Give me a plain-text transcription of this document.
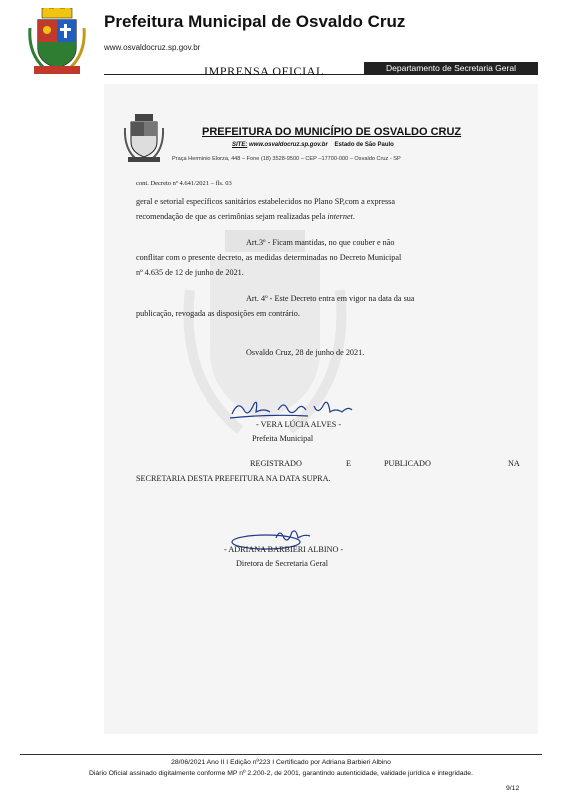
Prefeitura Municipal de Osvaldo Cruz
www.osvaldocruz.sp.gov.br
IMPRENSA OFICIAL	Departamento de Secretaria Geral
PREFEITURA DO MUNICÍPIO DE OSVALDO CRUZ
SITE: www.osvaldocruz.sp.gov.br Estado de São Paulo
Praça Herminio Elorza, 448 – Fone (18) 3528-9500 – CEP –17700-000 – Osvaldo Cruz - SP
cont. Decreto nº 4.641/2021 – fls. 03
geral e setorial específicos sanitários estabelecidos no Plano SP,com a expressa
recomendação de que as cerimônias sejam realizadas pela internet.
Art.3º - Ficam mantidas, no que couber e não
conflitar com o presente decreto, as medidas determinadas no Decreto Municipal
nº 4.635 de 12 de junho de 2021.
Art. 4º - Este Decreto entra em vigor na data da sua
publicação, revogada as disposições em contrário.
Osvaldo Cruz, 28 de junho de 2021.
- VERA LÚCIA ALVES -
Prefeita Municipal
REGISTRADO	E	PUBLICADO	NA
SECRETARIA DESTA PREFEITURA NA DATA SUPRA.
- ADRIANA BARBIERI ALBINO -
Diretora de Secretaria Geral
28/06/2021 Ano II I Edição nº223 I Certificado por Adriana Barbieri Albino
Diário Oficial assinado digitalmente conforme MP nº 2.200-2, de 2001, garantindo autenticidade, validade jurídica e integridade.
9/12
